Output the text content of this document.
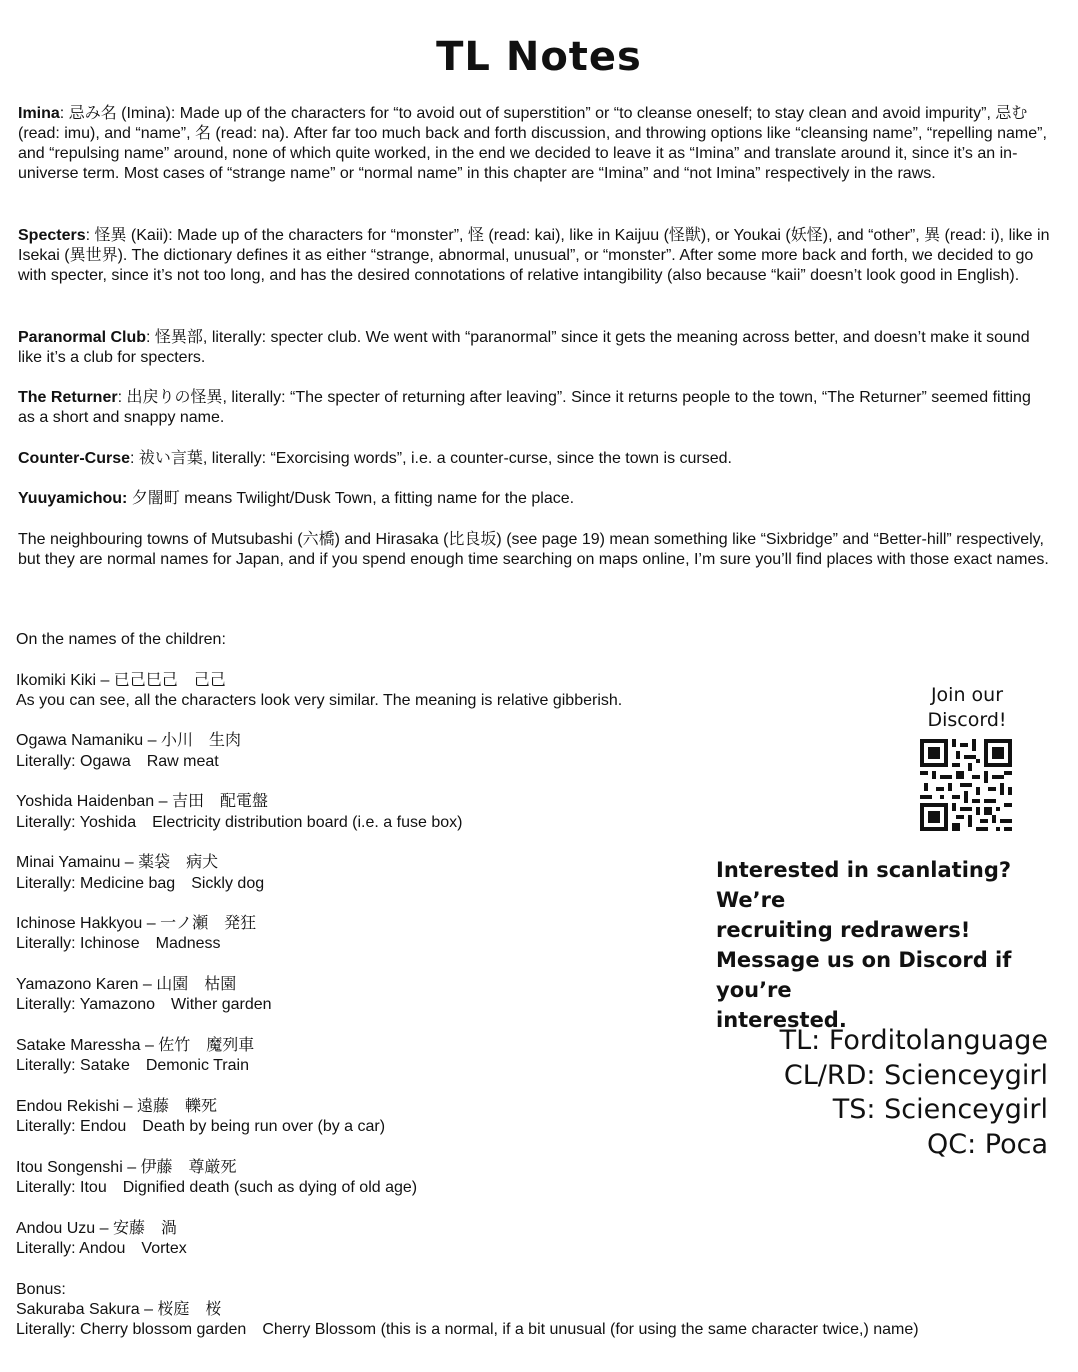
TL Notes
Imina: 忌み名 (Imina): Made up of the characters for “to avoid out of superstition” or “to cleanse oneself; to stay clean and avoid impurity”, 忌む (read: imu), and “name”, 名 (read: na). After far too much back and forth discussion, and throwing options like “cleansing name”, “repelling name”, and “repulsing name” around, none of which quite worked, in the end we decided to leave it as “Imina” and translate around it, since it’s an in-universe term. Most cases of “strange name” or “normal name” in this chapter are “Imina” and “not Imina” respectively in the raws.
Specters: 怪異 (Kaii): Made up of the characters for “monster”, 怪 (read: kai), like in Kaijuu (怪獣), or Youkai (妖怪), and “other”, 異 (read: i), like in Isekai (異世界). The dictionary defines it as either “strange, abnormal, unusual”, or “monster”. After some more back and forth, we decided to go with specter, since it’s not too long, and has the desired connotations of relative intangibility (also because “kaii” doesn’t look good in English).
Paranormal Club: 怪異部, literally: specter club. We went with “paranormal” since it gets the meaning across better, and doesn’t make it sound like it’s a club for specters.
The Returner: 出戻りの怪異, literally: “The specter of returning after leaving”. Since it returns people to the town, “The Returner” seemed fitting as a short and snappy name.
Counter-Curse: 祓い言葉, literally: “Exorcising words”, i.e. a counter-curse, since the town is cursed.
Yuuyamichou: 夕闇町 means Twilight/Dusk Town, a fitting name for the place.
The neighbouring towns of Mutsubashi (六橋) and Hirasaka (比良坂) (see page 19) mean something like “Sixbridge” and “Better-hill” respectively, but they are normal names for Japan, and if you spend enough time searching on maps online, I’m sure you’ll find places with those exact names.
On the names of the children:
Ikomiki Kiki – 已己巳己　己己
As you can see, all the characters look very similar. The meaning is relative gibberish.
Ogawa Namaniku – 小川　生肉
Literally: Ogawa　Raw meat
Yoshida Haidenban – 吉田　配電盤
Literally: Yoshida　Electricity distribution board (i.e. a fuse box)
Minai Yamainu – 薬袋　病犬
Literally: Medicine bag　Sickly dog
Ichinose Hakkyou – 一ノ瀬　発狂
Literally: Ichinose　Madness
Yamazono Karen – 山園　枯園
Literally: Yamazono　Wither garden
Satake Maressha – 佐竹　魔列車
Literally: Satake　Demonic Train
Endou Rekishi – 遠藤　轢死
Literally: Endou　Death by being run over (by a car)
Itou Songenshi – 伊藤　尊厳死
Literally: Itou　Dignified death (such as dying of old age)
Andou Uzu – 安藤　渦
Literally: Andou　Vortex
Bonus:
Sakuraba Sakura – 桜庭　桜
Literally: Cherry blossom garden　Cherry Blossom (this is a normal, if a bit unusual (for using the same character twice,) name)
Join our
Discord!
Interested in scanlating? We’re
recruiting redrawers!
Message us on Discord if you’re
interested.
TL: Forditolanguage
CL/RD: Scienceygirl
TS: Scienceygirl
QC: Poca
